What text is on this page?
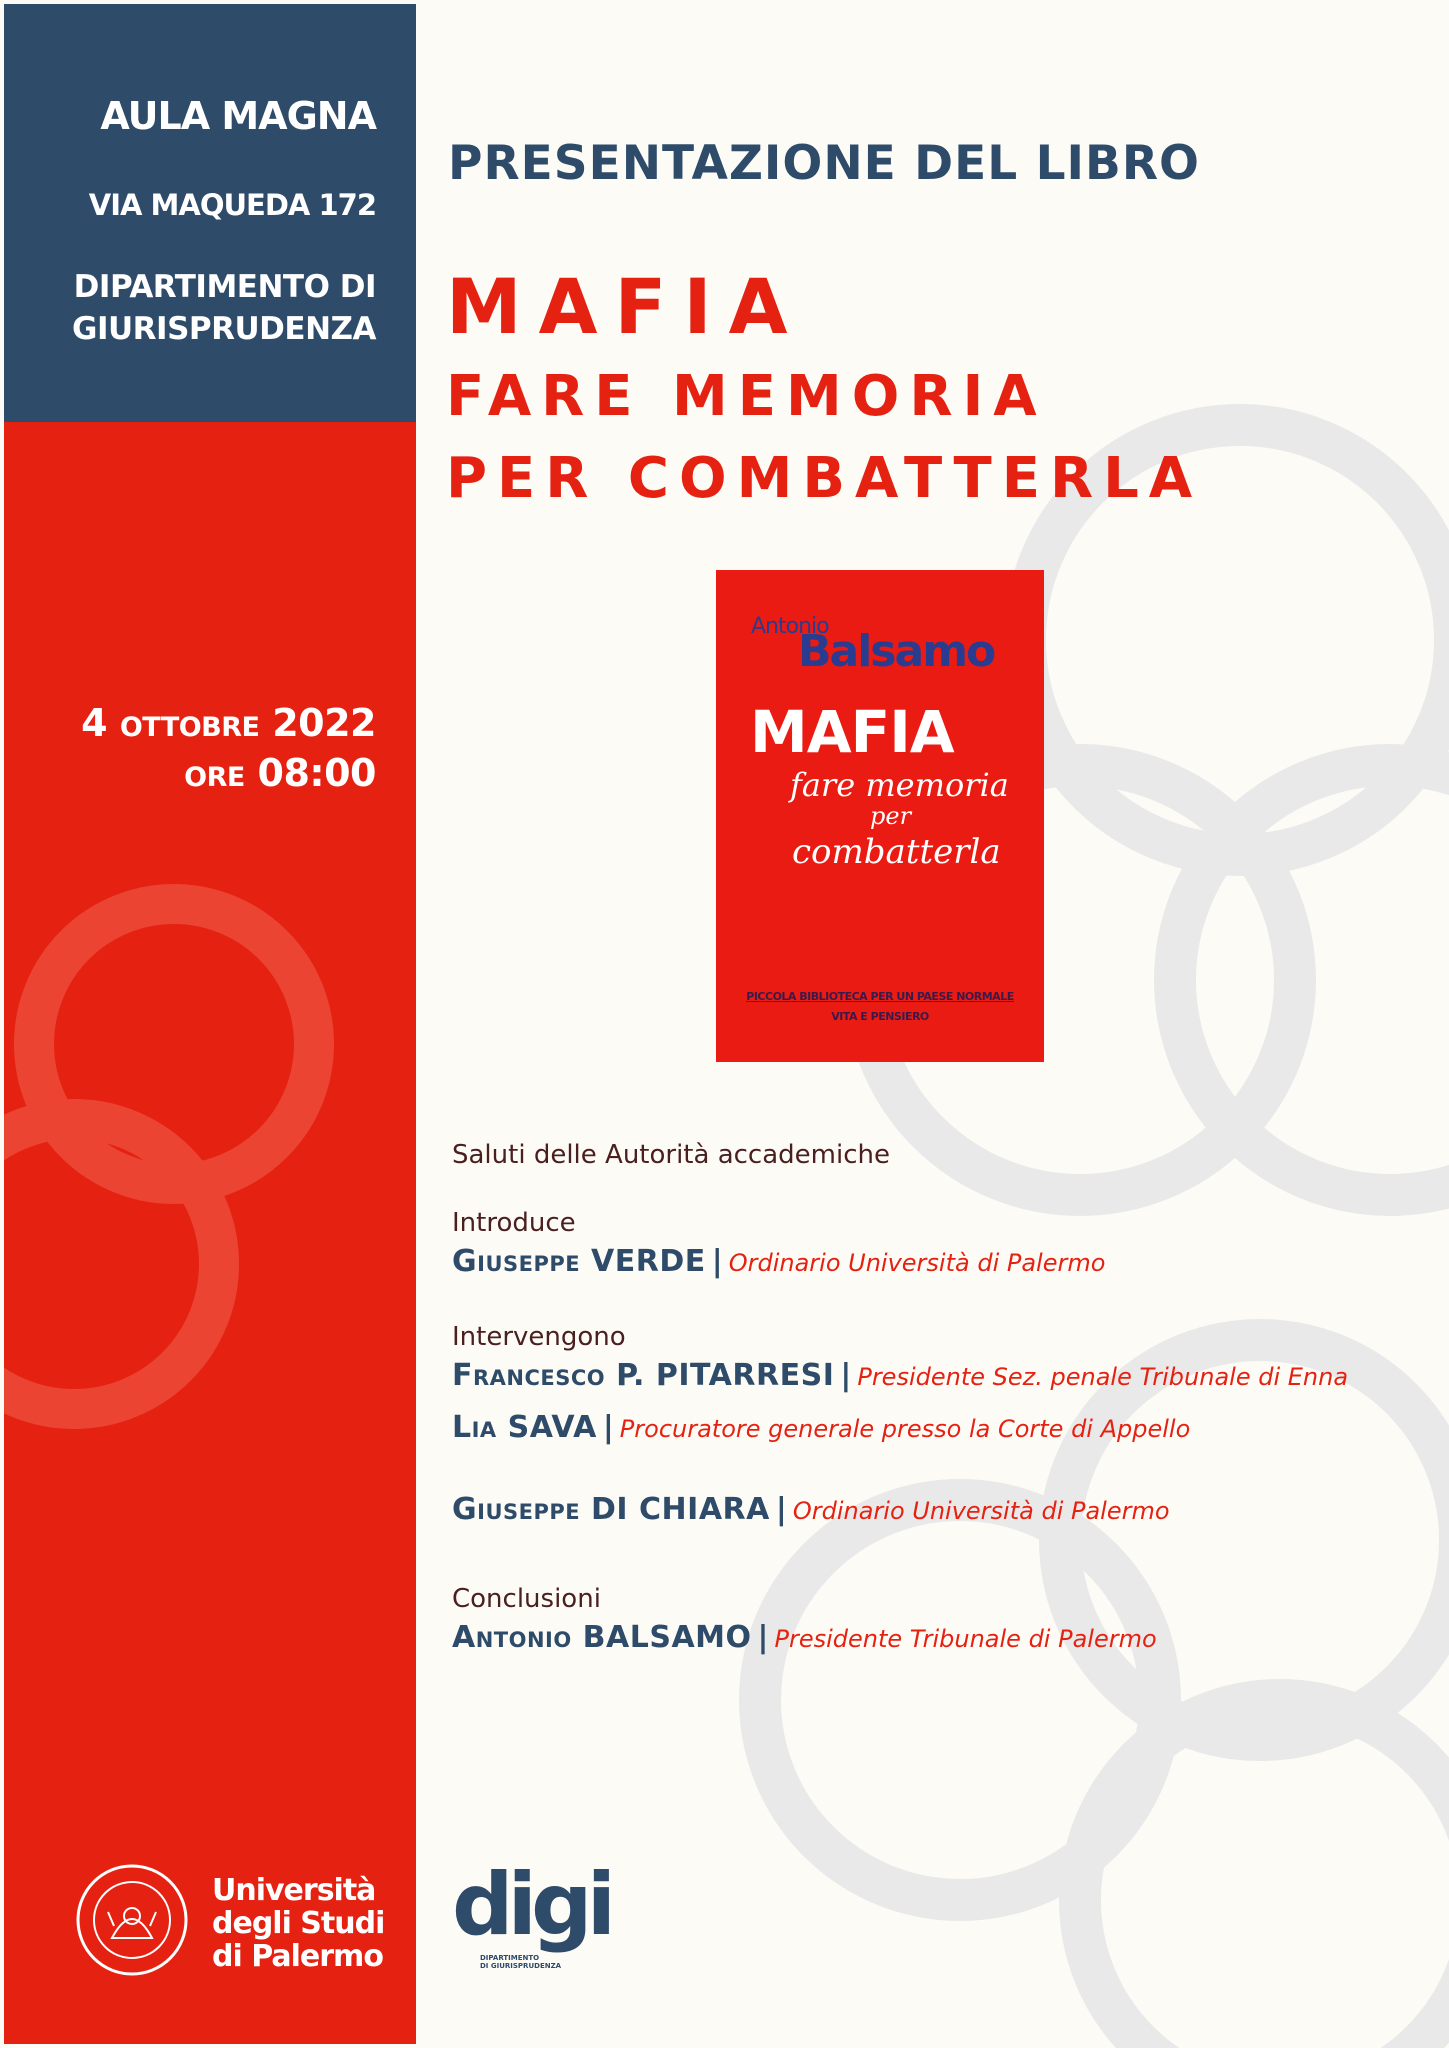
AULA MAGNA
VIA MAQUEDA 172
DIPARTIMENTO DI
GIURISPRUDENZA
4 ottobre 2022
ore 08:00
Università
degli Studi
di Palermo
PRESENTAZIONE DEL LIBRO
MAFIA
FARE MEMORIA
PER COMBATTERLA
Antonio
Balsamo
MAFIA
fare memoria
per
combatterla
PICCOLA BIBLIOTECA PER UN PAESE NORMALE
VITA E PENSIERO
Saluti delle Autorità accademiche
Introduce
Giuseppe VERDE | Ordinario Università di Palermo
Intervengono
Francesco P. PITARRESI | Presidente Sez. penale Tribunale di Enna
Lia SAVA | Procuratore generale presso la Corte di Appello
Giuseppe DI CHIARA | Ordinario Università di Palermo
Conclusioni
Antonio BALSAMO | Presidente Tribunale di Palermo
digi
DIPARTIMENTO
DI GIURISPRUDENZA
